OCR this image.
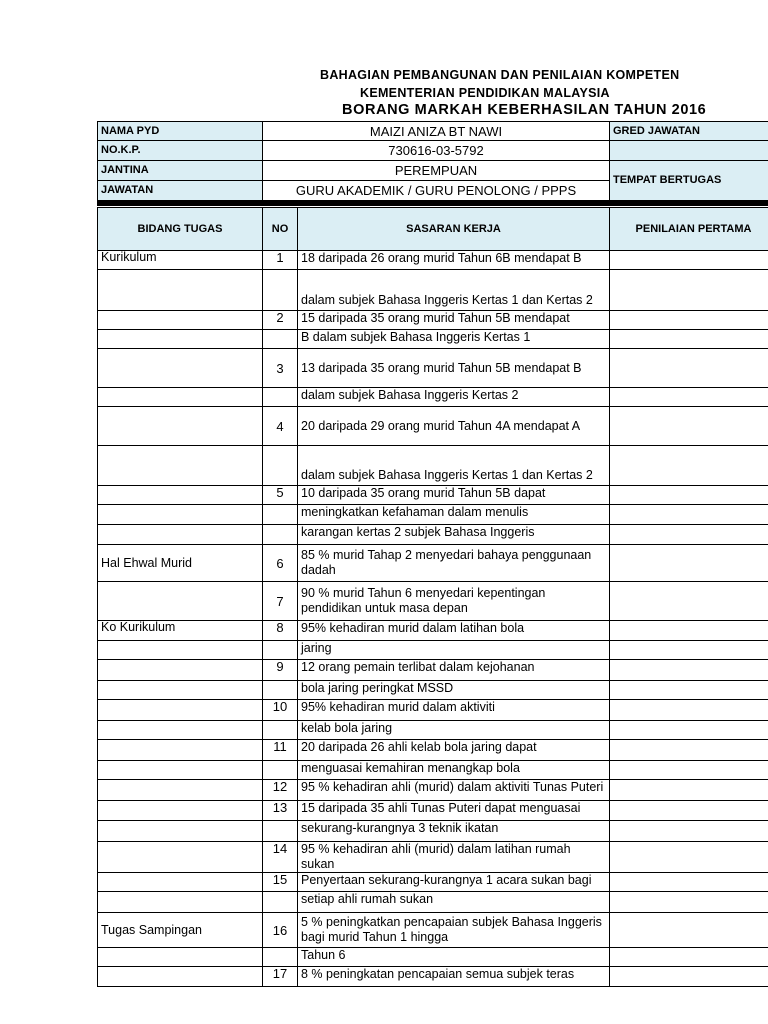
BAHAGIAN PEMBANGUNAN DAN PENILAIAN KOMPETEN
KEMENTERIAN PENDIDIKAN MALAYSIA
BORANG MARKAH KEBERHASILAN TAHUN 2016
NAMA PYD	MAIZI ANIZA BT NAWI	GRED JAWATAN
NO.K.P.	730616-03-5792	
JANTINA	PEREMPUAN	TEMPAT BERTUGAS
JAWATAN	GURU AKADEMIK / GURU PENOLONG / PPPS	
BIDANG TUGAS	NO	SASARAN KERJA	PENILAIAN PERTAMA
Kurikulum	1	18 daripada 26 orang murid Tahun 6B mendapat B	
		dalam subjek Bahasa Inggeris Kertas 1 dan Kertas 2	
	2	15 daripada 35 orang murid Tahun 5B mendapat	
		B dalam subjek Bahasa Inggeris Kertas 1	
	3	13 daripada 35 orang murid Tahun 5B mendapat B	
		dalam subjek Bahasa Inggeris Kertas 2	
	4	20 daripada 29 orang murid Tahun 4A mendapat A	
		dalam subjek Bahasa Inggeris Kertas 1 dan Kertas 2	
	5	10 daripada 35 orang murid Tahun 5B dapat	
		meningkatkan kefahaman dalam menulis	
		karangan kertas 2 subjek Bahasa Inggeris	
Hal Ehwal Murid	6	85 % murid Tahap 2 menyedari bahaya penggunaan dadah	
	7	90 % murid Tahun 6 menyedari kepentingan pendidikan untuk masa depan	
Ko Kurikulum	8	95% kehadiran murid dalam latihan bola	
		jaring	
	9	12 orang pemain terlibat dalam kejohanan	
		bola jaring peringkat MSSD	
	10	95% kehadiran murid dalam aktiviti	
		kelab bola jaring	
	11	20 daripada 26 ahli kelab bola jaring dapat	
		menguasai kemahiran menangkap bola	
	12	95 % kehadiran ahli (murid) dalam aktiviti Tunas Puteri	
	13	15 daripada 35 ahli Tunas Puteri dapat menguasai	
		sekurang-kurangnya 3 teknik ikatan	
	14	95 % kehadiran ahli (murid) dalam latihan rumah sukan	
	15	Penyertaan sekurang-kurangnya 1 acara sukan bagi	
		setiap ahli rumah sukan	
Tugas Sampingan	16	5 % peningkatkan pencapaian subjek Bahasa Inggeris bagi murid Tahun 1 hingga	
		Tahun 6	
	17	8 % peningkatan pencapaian semua subjek teras	
